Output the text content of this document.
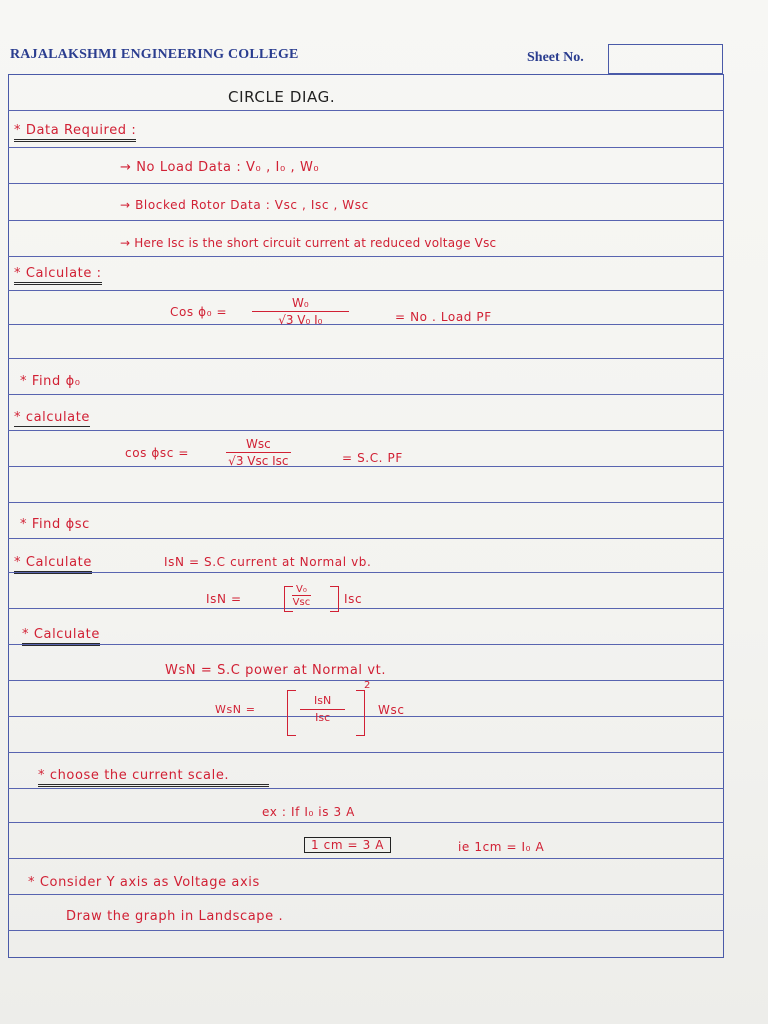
RAJALAKSHMI ENGINEERING COLLEGE	Sheet No.
CIRCLE DIAG.
* Data Required :
→ No Load Data : V₀ , I₀ , W₀
→ Blocked Rotor Data : Vsc , Isc , Wsc
→ Here Isc is the short circuit current at reduced voltage Vsc
* Calculate :
Cos $\phi_0 = \frac{\text{W₀}}{\text{√3 V₀ I₀}}$	= No . Load PF
* Find ϕ₀
* calculate
cos ϕsc =
Wsc
√3 Vsc Isc	= S.C. PF
* Find ϕsc
* Calculate	IsN = S.C current at Normal vb.
IsN =
V₀
Vsc	Isc
* Calculate
WsN = S.C power at Normal vt.
WsN =
IsN
Isc
2
Wsc
* choose the current scale.
ex : If I₀ is 3 A
1 cm = 3 A	ie 1cm = I₀ A
* Consider Y axis as Voltage axis
Draw the graph in Landscape .
